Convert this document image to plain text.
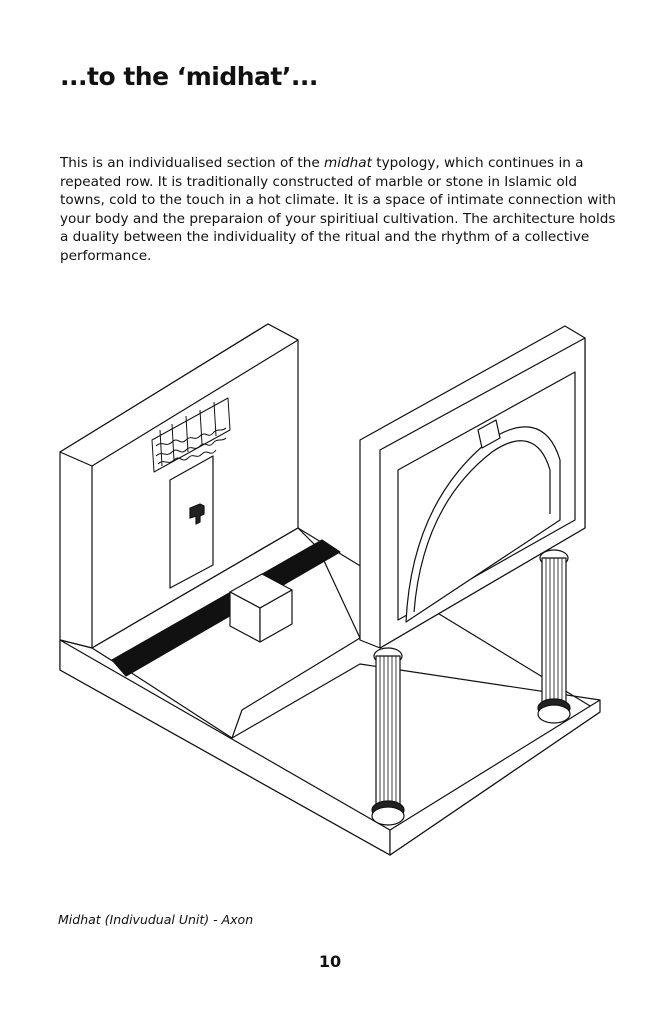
...to the ‘midhat’...

This is an individualised section of the midhat typology, which continues in a repeated row. It is traditionally constructed of marble or stone in Islamic old towns, cold to the touch in a hot climate. It is a space of intimate connection with your body and the preparaion of your spiritiual cultivation. The architecture holds a duality between the individuality of the ritual and the rhythm of a collective performance.

Midhat (Indivudual Unit) - Axon

10
